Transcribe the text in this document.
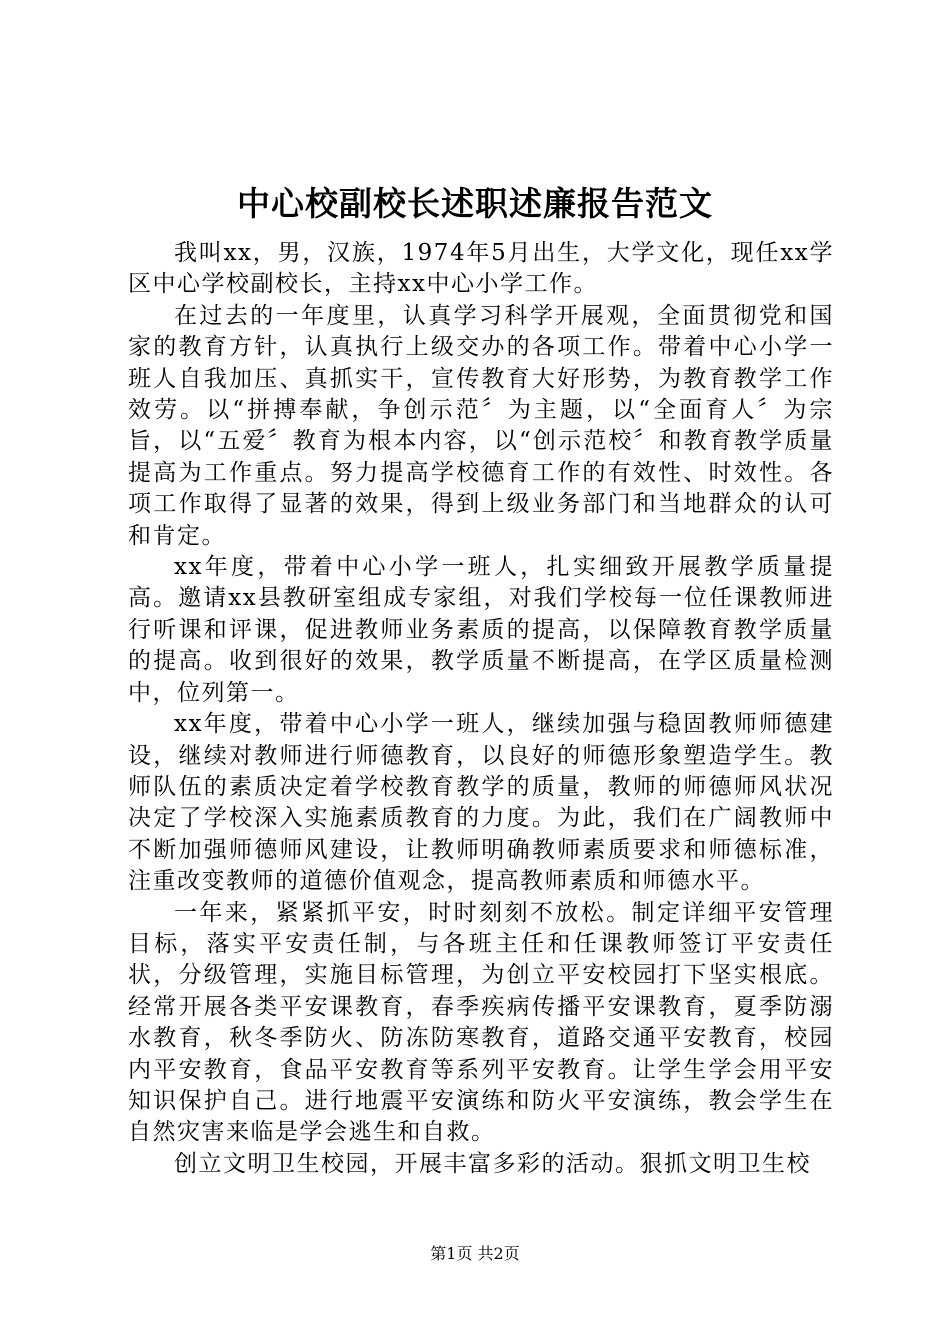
中心校副校长述职述廉报告范文

我叫xx，男，汉族，1974年5月出生，大学文化，现任xx学区中心学校副校长，主持xx中心小学工作。

在过去的一年度里，认真学习科学开展观，全面贯彻党和国家的教育方针，认真执行上级交办的各项工作。带着中心小学一班人自我加压、真抓实干，宣传教育大好形势，为教育教学工作效劳。以“拼搏奉献，争创示范〞为主题，以“全面育人〞为宗旨，以“五爱〞教育为根本内容，以“创示范校〞和教育教学质量提高为工作重点。努力提高学校德育工作的有效性、时效性。各项工作取得了显著的效果，得到上级业务部门和当地群众的认可和肯定。

xx年度，带着中心小学一班人，扎实细致开展教学质量提高。邀请xx县教研室组成专家组，对我们学校每一位任课教师进行听课和评课，促进教师业务素质的提高，以保障教育教学质量的提高。收到很好的效果，教学质量不断提高，在学区质量检测中，位列第一。

xx年度，带着中心小学一班人，继续加强与稳固教师师德建设，继续对教师进行师德教育，以良好的师德形象塑造学生。教师队伍的素质决定着学校教育教学的质量，教师的师德师风状况决定了学校深入实施素质教育的力度。为此，我们在广阔教师中不断加强师德师风建设，让教师明确教师素质要求和师德标准，注重改变教师的道德价值观念，提高教师素质和师德水平。

一年来，紧紧抓平安，时时刻刻不放松。制定详细平安管理目标，落实平安责任制，与各班主任和任课教师签订平安责任状，分级管理，实施目标管理，为创立平安校园打下坚实根底。经常开展各类平安课教育，春季疾病传播平安课教育，夏季防溺水教育，秋冬季防火、防冻防寒教育，道路交通平安教育，校园内平安教育，食品平安教育等系列平安教育。让学生学会用平安知识保护自己。进行地震平安演练和防火平安演练，教会学生在自然灾害来临是学会逃生和自救。

创立文明卫生校园，开展丰富多彩的活动。狠抓文明卫生校

第1页 共2页
